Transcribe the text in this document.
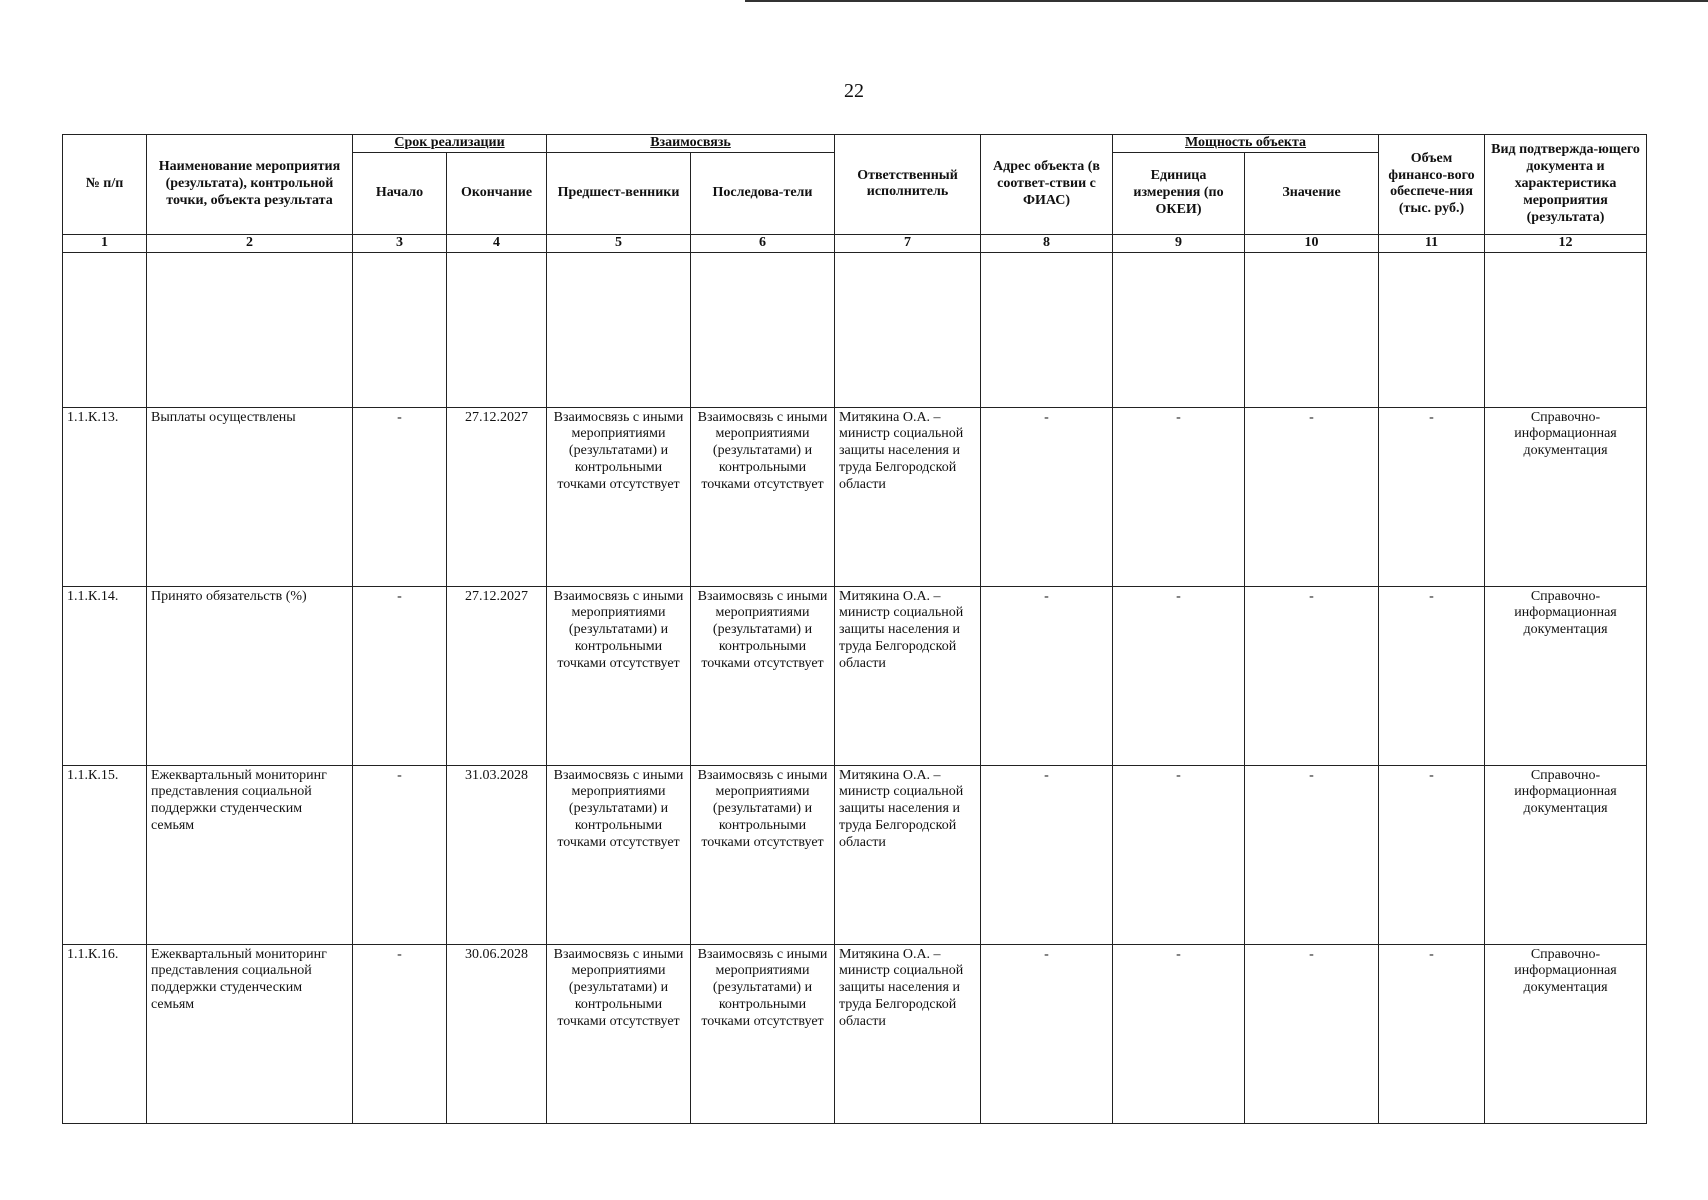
22
№ п/п	Наименование мероприятия (результата), контрольной точки, объекта результата	Срок реализации		Взаимосвязь		Ответственный исполнитель	Адрес объекта (в соответ-ствии с ФИАС)	Мощность объекта		Объем финансо-вого обеспече-ния (тыс. руб.)	Вид подтвержда-ющего документа и характеристика мероприятия (результата)
		Начало	Окончание	Предшест-венники	Последова-тели			Единица измерения (по ОКЕИ)	Значение		
1	2	3	4	5	6	7	8	9	10	11	12

1.1.К.13.	Выплаты осуществлены	-	27.12.2027	Взаимосвязь с иными мероприятиями (результатами) и контрольными точками отсутствует	Взаимосвязь с иными мероприятиями (результатами) и контрольными точками отсутствует	Митякина О.А. – министр социальной защиты населения и труда Белгородской области	-	-	-	-	Справочно-информационная документация
1.1.К.14.	Принято обязательств (%)	-	27.12.2027	Взаимосвязь с иными мероприятиями (результатами) и контрольными точками отсутствует	Взаимосвязь с иными мероприятиями (результатами) и контрольными точками отсутствует	Митякина О.А. – министр социальной защиты населения и труда Белгородской области	-	-	-	-	Справочно-информационная документация
1.1.К.15.	Ежеквартальный мониторинг представления социальной поддержки студенческим семьям	-	31.03.2028	Взаимосвязь с иными мероприятиями (результатами) и контрольными точками отсутствует	Взаимосвязь с иными мероприятиями (результатами) и контрольными точками отсутствует	Митякина О.А. – министр социальной защиты населения и труда Белгородской области	-	-	-	-	Справочно-информационная документация
1.1.К.16.	Ежеквартальный мониторинг представления социальной поддержки студенческим семьям	-	30.06.2028	Взаимосвязь с иными мероприятиями (результатами) и контрольными точками отсутствует	Взаимосвязь с иными мероприятиями (результатами) и контрольными точками отсутствует	Митякина О.А. – министр социальной защиты населения и труда Белгородской области	-	-	-	-	Справочно-информационная документация
